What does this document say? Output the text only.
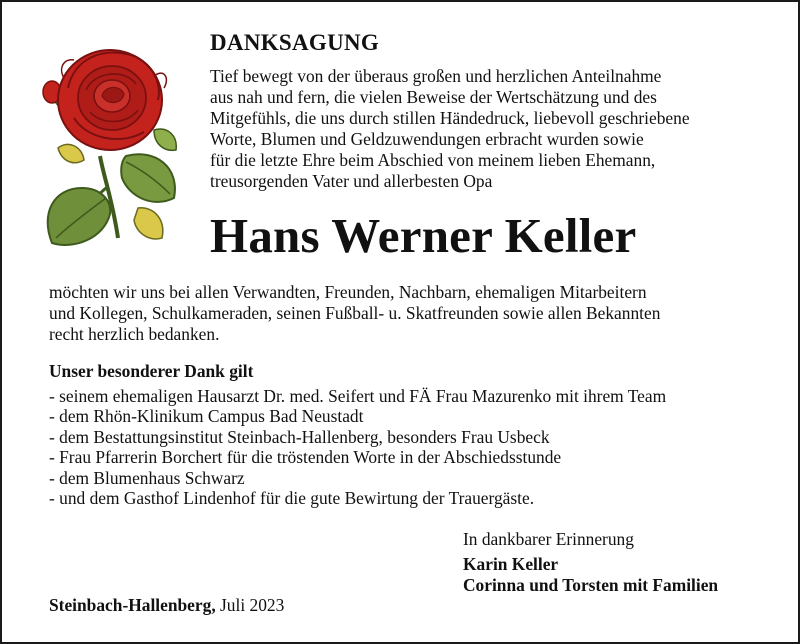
DANKSAGUNG
Tief bewegt von der überaus großen und herzlichen Anteilnahme
aus nah und fern, die vielen Beweise der Wertschätzung und des
Mitgefühls, die uns durch stillen Händedruck, liebevoll geschriebene
Worte, Blumen und Geldzuwendungen erbracht wurden sowie
für die letzte Ehre beim Abschied von meinem lieben Ehemann,
treusorgenden Vater und allerbesten Opa
Hans Werner Keller
möchten wir uns bei allen Verwandten, Freunden, Nachbarn, ehemaligen Mitarbeitern
und Kollegen, Schulkameraden, seinen Fußball- u. Skatfreunden sowie allen Bekannten
recht herzlich bedanken.
Unser besonderer Dank gilt
- seinem ehemaligen Hausarzt Dr. med. Seifert und FÄ Frau Mazurenko mit ihrem Team
- dem Rhön-Klinikum Campus Bad Neustadt
- dem Bestattungsinstitut Steinbach-Hallenberg, besonders Frau Usbeck
- Frau Pfarrerin Borchert für die tröstenden Worte in der Abschiedsstunde
- dem Blumenhaus Schwarz
- und dem Gasthof Lindenhof für die gute Bewirtung der Trauergäste.
In dankbarer Erinnerung
Karin Keller
Corinna und Torsten mit Familien
Steinbach-Hallenberg, Juli 2023
